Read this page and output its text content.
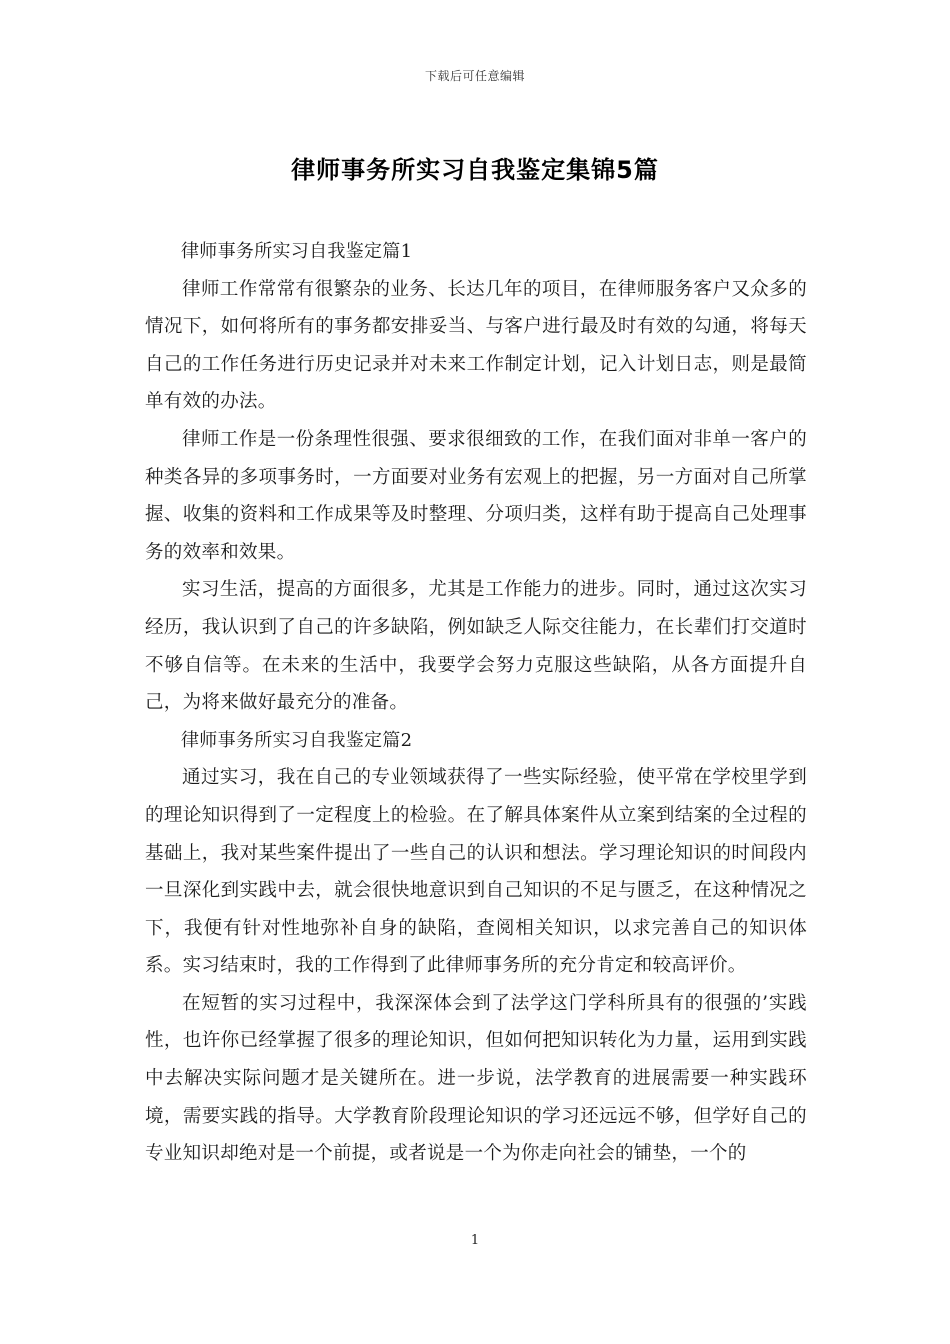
下载后可任意编辑
律师事务所实习自我鉴定集锦5篇

律师事务所实习自我鉴定篇1

律师工作常常有很繁杂的业务、长达几年的项目，在律师服务客户又众多的情况下，如何将所有的事务都安排妥当、与客户进行最及时有效的勾通，将每天自己的工作任务进行历史记录并对未来工作制定计划，记入计划日志，则是最简单有效的办法。

律师工作是一份条理性很强、要求很细致的工作，在我们面对非单一客户的种类各异的多项事务时，一方面要对业务有宏观上的把握，另一方面对自己所掌握、收集的资料和工作成果等及时整理、分项归类，这样有助于提高自己处理事务的效率和效果。

实习生活，提高的方面很多，尤其是工作能力的进步。同时，通过这次实习经历，我认识到了自己的许多缺陷，例如缺乏人际交往能力，在长辈们打交道时不够自信等。在未来的生活中，我要学会努力克服这些缺陷，从各方面提升自己，为将来做好最充分的准备。

律师事务所实习自我鉴定篇2

通过实习，我在自己的专业领域获得了一些实际经验，使平常在学校里学到的理论知识得到了一定程度上的检验。在了解具体案件从立案到结案的全过程的基础上，我对某些案件提出了一些自己的认识和想法。学习理论知识的时间段内一旦深化到实践中去，就会很快地意识到自己知识的不足与匮乏，在这种情况之下，我便有针对性地弥补自身的缺陷，查阅相关知识，以求完善自己的知识体系。实习结束时，我的工作得到了此律师事务所的充分肯定和较高评价。

在短暂的实习过程中，我深深体会到了法学这门学科所具有的很强的’实践性，也许你已经掌握了很多的理论知识，但如何把知识转化为力量，运用到实践中去解决实际问题才是关键所在。进一步说，法学教育的进展需要一种实践环境，需要实践的指导。大学教育阶段理论知识的学习还远远不够，但学好自己的专业知识却绝对是一个前提，或者说是一个为你走向社会的铺垫，一个的

1
